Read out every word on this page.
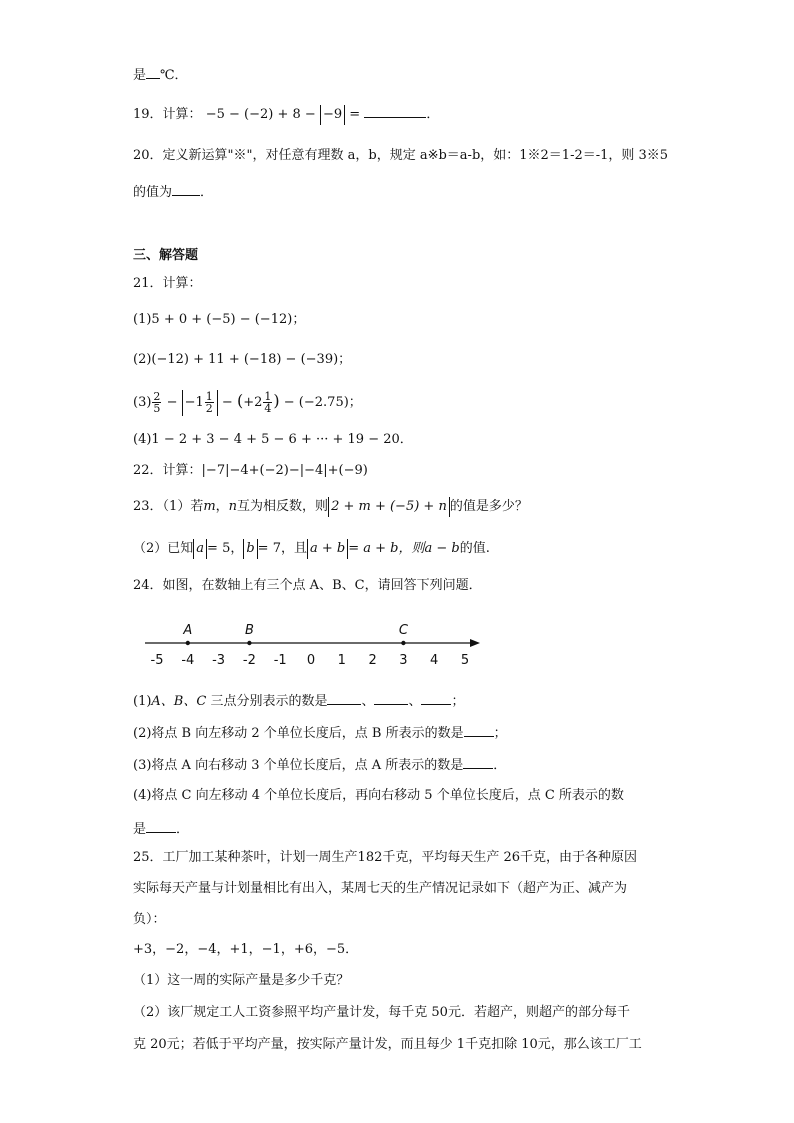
是 ℃．
19．计算： −5 − (−2) + 8 − −9 =	．
20．定义新运算"※"，对任意有理数 a，b，规定 a※b＝a-b，如：1※2＝1-2＝-1，则 3※5
的值为 ．
三、解答题
21．计算：
(1)5 + 0 + (−5) − (−12)；
(2)(−12) + 11 + (−18) − (−39)；
$(3) \frac{2}{5} - -1 \frac{1}{2} - (+2 \frac{1}{4}$ ) − (−2.75)；
(4)1 − 2 + 3 − 4 + 5 − 6 + ··· + 19 − 20．
22．计算：|−7|−4+(−2)−|−4|+(−9)
23．（1）若m，n互为相反数，则 2 + m + (−5) + n 的值是多少？
（2）已知 a = 5， b = 7，且 a + b = a + b，则a − b的值.
24．如图，在数轴上有三个点 A、B、C，请回答下列问题．
-5 -4 -3 -2 -1 0 1 2 3 4 5
A	B	C
(1)A、B、C 三点分别表示的数是	、	、 ；
(2)将点 B 向左移动 2 个单位长度后，点 B 所表示的数是 ；
(3)将点 A 向右移动 3 个单位长度后，点 A 所表示的数是 ．
(4)将点 C 向左移动 4 个单位长度后，再向右移动 5 个单位长度后，点 C 所表示的数
是 ．
25．工厂加工某种茶叶，计划一周生产182千克，平均每天生产 26千克，由于各种原因
实际每天产量与计划量相比有出入，某周七天的生产情况记录如下（超产为正、减产为
负）：
+3，−2，−4，+1，−1，+6，−5．
（1）这一周的实际产量是多少千克？
（2）该厂规定工人工资参照平均产量计发，每千克 50元．若超产，则超产的部分每千
克 20元；若低于平均产量，按实际产量计发，而且每少 1千克扣除 10元，那么该工厂工
